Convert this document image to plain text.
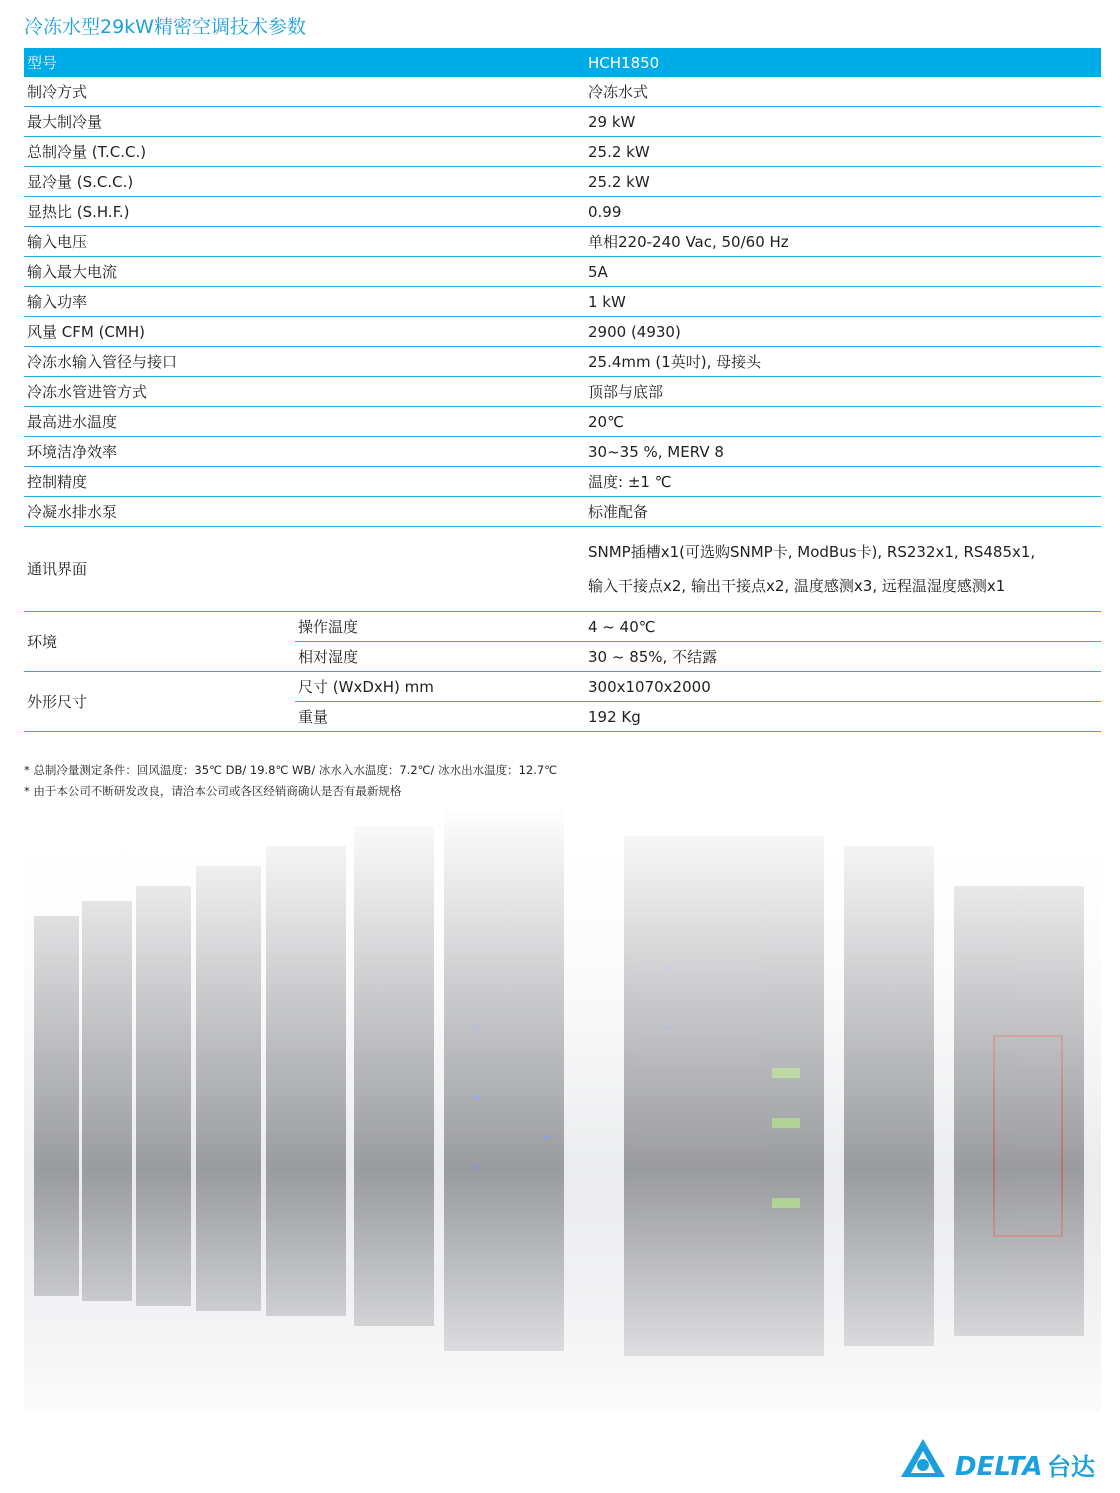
冷冻水型29kW精密空调技术参数
型号		HCH1850
制冷方式		冷冻水式
最大制冷量		29 kW
总制冷量 (T.C.C.)		25.2 kW
显冷量 (S.C.C.)		25.2 kW
显热比 (S.H.F.)		0.99
输入电压		单相220-240 Vac, 50/60 Hz
输入最大电流		5A
输入功率		1 kW
风量 CFM (CMH)		2900 (4930)
冷冻水输入管径与接口		25.4mm (1英吋), 母接头
冷冻水管进管方式		顶部与底部
最高进水温度		20℃
环境洁净效率		30~35 %, MERV 8
控制精度		温度: ±1 ℃
冷凝水排水泵		标准配备
通讯界面		SNMP插槽x1(可选购SNMP卡, ModBus卡), RS232x1, RS485x1,
输入干接点x2, 输出干接点x2, 温度感测x3, 远程温湿度感测x1

环境	操作温度	4 ~ 40℃
	相对湿度	30 ~ 85%, 不结露
外形尺寸	尺寸 (WxDxH) mm	300x1070x2000
	重量	192 Kg
* 总制冷量测定条件：回风温度：35℃ DB/ 19.8℃ WB/ 冰水入水温度：7.2℃/ 冰水出水温度：12.7℃
* 由于本公司不断研发改良，请洽本公司或各区经销商确认是否有最新规格
DELTA 台达
